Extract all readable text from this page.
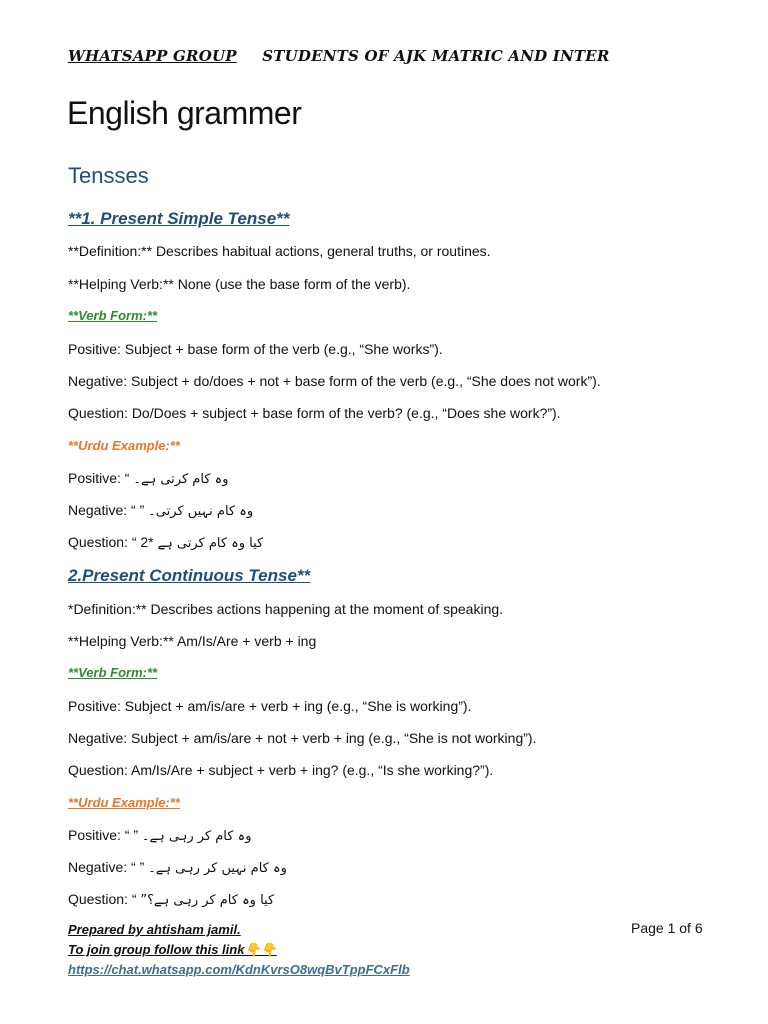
WHATSAPP GROUP STUDENTS OF AJK MATRIC AND INTER
English grammer
Tensses
**1. Present Simple Tense**
**Definition:** Describes habitual actions, general truths, or routines.
**Helping Verb:** None (use the base form of the verb).
**Verb Form:**
Positive: Subject + base form of the verb (e.g., “She works”).
Negative: Subject + do/does + not + base form of the verb (e.g., “She does not work”).
Question: Do/Does + subject + base form of the verb? (e.g., “Does she work?”).
**Urdu Example:**
Positive: “ وہ کام کرتی ہے۔
Negative: “ ” وہ کام نہیں کرتی۔
Question: “ 2* کیا وہ کام کرتی ہے
2.Present Continuous Tense**
*Definition:** Describes actions happening at the moment of speaking.
**Helping Verb:** Am/Is/Are + verb + ing
**Verb Form:**
Positive: Subject + am/is/are + verb + ing (e.g., “She is working”).
Negative: Subject + am/is/are + not + verb + ing (e.g., “She is not working”).
Question: Am/Is/Are + subject + verb + ing? (e.g., “Is she working?”).
**Urdu Example:**
Positive: “ ” وہ کام کر رہی ہے۔
Negative: “ ” وہ کام نہیں کر رہی ہے۔
Question: “ کیا وہ کام کر رہی ہے؟”
Prepared by ahtisham jamil.
To join group follow this link👇👇
https://chat.whatsapp.com/KdnKvrsO8wqBvTppFCxFlb
Page 1 of 6
